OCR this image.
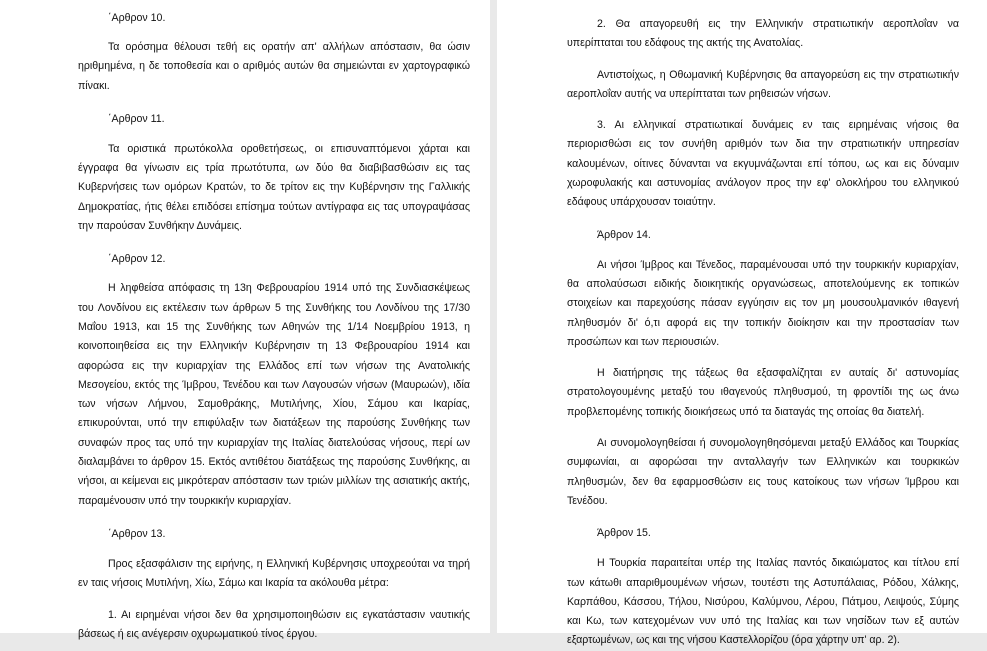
΄Αρθρον 10.

Τα ορόσημα θέλουσι τεθή εις ορατήν απ' αλλήλων απόστασιν, θα ώσιν ηριθμημένα, η δε τοποθεσία και ο αριθμός αυτών θα σημειώνται εν χαρτογραφικώ πίνακι.

΄Αρθρον 11.

Τα οριστικά πρωτόκολλα οροθετήσεως, οι επισυναπτόμενοι χάρται και έγγραφα θα γίνωσιν εις τρία πρωτότυπα, ων δύο θα διαβιβασθώσιν εις τας Κυβερνήσεις των ομόρων Κρατών, το δε τρίτον εις την Κυβέρνησιν της Γαλλικής Δημοκρατίας, ήτις θέλει επιδόσει επίσημα τούτων αντίγραφα εις τας υπογραψάσας την παρούσαν Συνθήκην Δυνάμεις.

΄Αρθρον 12.

Η ληφθείσα απόφασις τη 13η Φεβρουαρίου 1914 υπό της Συνδιασκέψεως του Λονδίνου εις εκτέλεσιν των άρθρων 5 της Συνθήκης του Λονδίνου της 17/30 Μαΐου 1913, και 15 της Συνθήκης των Αθηνών της 1/14 Νοεμβρίου 1913, η κοινοποιηθείσα εις την Ελληνικήν Κυβέρνησιν τη 13 Φεβρουαρίου 1914 και αφορώσα εις την κυριαρχίαν της Ελλάδος επί των νήσων της Ανατολικής Μεσογείου, εκτός της Ίμβρου, Τενέδου και των Λαγουσών νήσων (Μαυρωών), ιδία των νήσων Λήμνου, Σαμοθράκης, Μυτιλήνης, Χίου, Σάμου και Ικαρίας, επικυρούνται, υπό την επιφύλαξιν των διατάξεων της παρούσης Συνθήκης των συναφών προς τας υπό την κυριαρχίαν της Ιταλίας διατελούσας νήσους, περί ων διαλαμβάνει το άρθρον 15. Εκτός αντιθέτου διατάξεως της παρούσης Συνθήκης, αι νήσοι, αι κείμεναι εις μικρότεραν απόστασιν των τριών μιλλίων της ασιατικής ακτής, παραμένουσιν υπό την τουρκικήν κυριαρχίαν.

΄Αρθρον 13.

Προς εξασφάλισιν της ειρήνης, η Ελληνική Κυβέρνησις υποχρεούται να τηρή εν ταις νήσοις Μυτιλήνη, Χίω, Σάμω και Ικαρία τα ακόλουθα μέτρα:

1. Αι ειρημέναι νήσοι δεν θα χρησιμοποιηθώσιν εις εγκατάστασιν ναυτικής βάσεως ή εις ανέγερσιν οχυρωματικού τίνος έργου.

2. Θα απαγορευθή εις την Ελληνικήν στρατιωτικήν αεροπλοΐαν να υπερίπταται του εδάφους της ακτής της Ανατολίας.

Αντιστοίχως, η Οθωμανική Κυβέρνησις θα απαγορεύση εις την στρατιωτικήν αεροπλοΐαν αυτής να υπερίπταται των ρηθεισών νήσων.

3. Αι ελληνικαί στρατιωτικαί δυνάμεις εν ταις ειρημέναις νήσοις θα περιορισθώσι εις τον συνήθη αριθμόν των δια την στρατιωτικήν υπηρεσίαν καλουμένων, οίτινες δύνανται να εκγυμνάζωνται επί τόπου, ως και εις δύναμιν χωροφυλακής και αστυνομίας ανάλογον προς την εφ' ολοκλήρου του ελληνικού εδάφους υπάρχουσαν τοιαύτην.

Άρθρον 14.

Αι νήσοι Ίμβρος και Τένεδος, παραμένουσαι υπό την τουρκικήν κυριαρχίαν, θα απολαύσωσι ειδικής διοικητικής οργανώσεως, αποτελούμενης εκ τοπικών στοιχείων και παρεχούσης πάσαν εγγύησιν εις τον μη μουσουλμανικόν ιθαγενή πληθυσμόν δι' ό,τι αφορά εις την τοπικήν διοίκησιν και την προστασίαν των προσώπων και των περιουσιών.

Η διατήρησις της τάξεως θα εξασφαλίζηται εν αυταίς δι' αστυνομίας στρατολογουμένης μεταξύ του ιθαγενούς πληθυσμού, τη φροντίδι της ως άνω προβλεπομένης τοπικής διοικήσεως υπό τα διαταγάς της οποίας θα διατελή.

Αι συνομολογηθείσαι ή συνομολογηθησόμεναι μεταξύ Ελλάδος και Τουρκίας συμφωνίαι, αι αφορώσαι την ανταλλαγήν των Ελληνικών και τουρκικών πληθυσμών, δεν θα εφαρμοσθώσιν εις τους κατοίκους των νήσων Ίμβρου και Τενέδου.

Άρθρον 15.

Η Τουρκία παραιτείται υπέρ της Ιταλίας παντός δικαιώματος και τίτλου επί των κάτωθι απαριθμουμένων νήσων, τουτέστι της Αστυπάλαιας, Ρόδου, Χάλκης, Καρπάθου, Κάσσου, Τήλου, Νισύρου, Καλύμνου, Λέρου, Πάτμου, Λειψούς, Σύμης και Κω, των κατεχομένων νυν υπό της Ιταλίας και των νησίδων των εξ αυτών εξαρτωμένων, ως και της νήσου Καστελλορίζου (όρα χάρτην υπ' αρ. 2).
